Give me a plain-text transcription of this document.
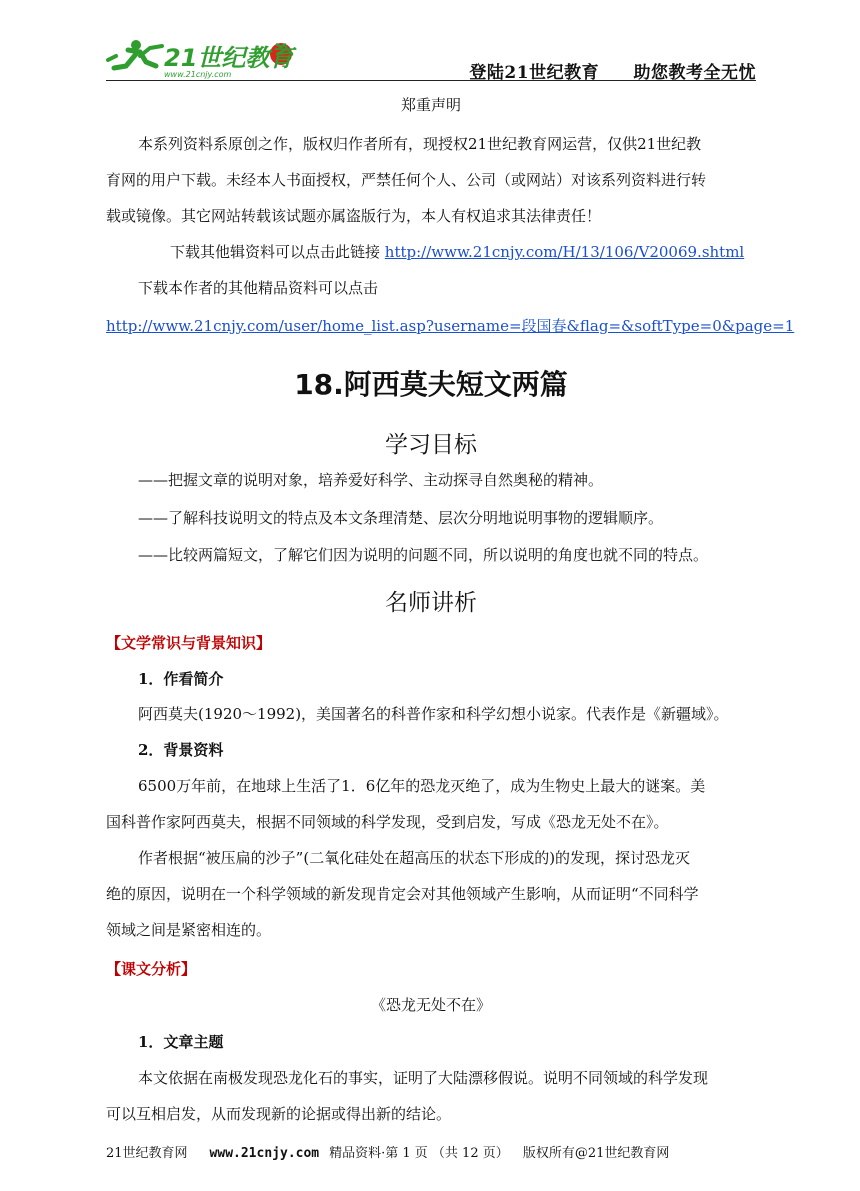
21世纪教育
www.21cnjy.com	登陆21世纪教育 助您教考全无忧

郑重声明

本系列资料系原创之作，版权归作者所有，现授权21世纪教育网运营，仅供21世纪教

育网的用户下载。未经本人书面授权，严禁任何个人、公司（或网站）对该系列资料进行转

载或镜像。其它网站转载该试题亦属盗版行为，本人有权追求其法律责任！

下载其他辑资料可以点击此链接 http://www.21cnjy.com/H/13/106/V20069.shtml

下载本作者的其他精品资料可以点击

http://www.21cnjy.com/user/home_list.asp?username=段国春&flag=&softType=0&page=1

18.阿西莫夫短文两篇
学习目标

——把握文章的说明对象，培养爱好科学、主动探寻自然奥秘的精神。

——了解科技说明文的特点及本文条理清楚、层次分明地说明事物的逻辑顺序。

——比较两篇短文，了解它们因为说明的问题不同，所以说明的角度也就不同的特点。

名师讲析
【文学常识与背景知识】

1．作看简介

阿西莫夫(1920～1992)，美国著名的科普作家和科学幻想小说家。代表作是《新疆域》。

2．背景资料

6500万年前，在地球上生活了1．6亿年的恐龙灭绝了，成为生物史上最大的谜案。美

国科普作家阿西莫夫，根据不同领域的科学发现，受到启发，写成《恐龙无处不在》。

作者根据“被压扁的沙子”(二氧化硅处在超高压的状态下形成的)的发现，探讨恐龙灭

绝的原因，说明在一个科学领域的新发现肯定会对其他领域产生影响，从而证明“不同科学

领域之间是紧密相连的。

【课文分析】

《恐龙无处不在》

1．文章主题

本文依据在南极发现恐龙化石的事实，证明了大陆漂移假说。说明不同领域的科学发现

可以互相启发，从而发现新的论据或得出新的结论。

21世纪教育网 www.21cnjy.com 精品资料·第 1 页 （共 12 页） 版权所有@21世纪教育网
